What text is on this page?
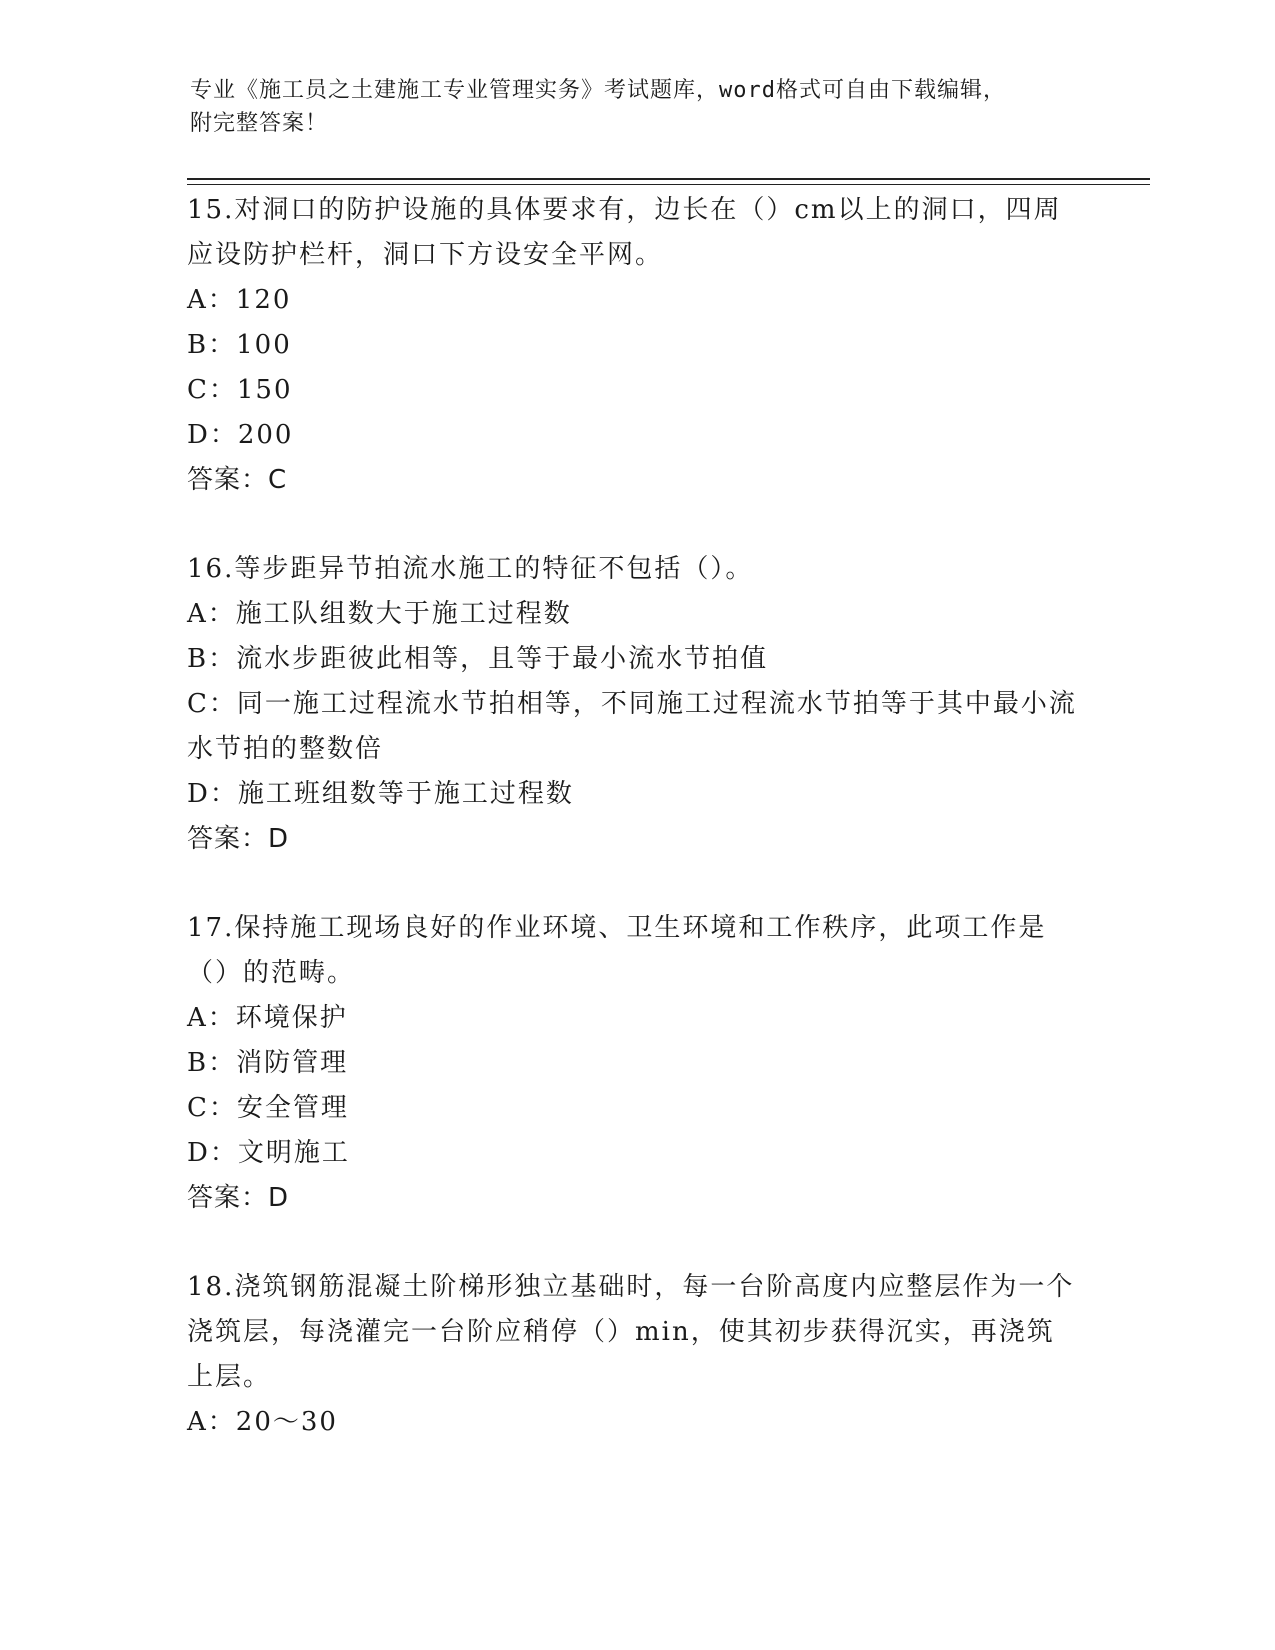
专业《施工员之土建施工专业管理实务》考试题库，word格式可自由下载编辑，
附完整答案！
15.对洞口的防护设施的具体要求有，边长在（）cm以上的洞口，四周应设防护栏杆，洞口下方设安全平网。
A：120
B：100
C：150
D：200
答案：C
16.等步距异节拍流水施工的特征不包括（）。
A：施工队组数大于施工过程数
B：流水步距彼此相等，且等于最小流水节拍值
C：同一施工过程流水节拍相等，不同施工过程流水节拍等于其中最小流水节拍的整数倍
D：施工班组数等于施工过程数
答案：D
17.保持施工现场良好的作业环境、卫生环境和工作秩序，此项工作是（）的范畴。
A：环境保护
B：消防管理
C：安全管理
D：文明施工
答案：D
18.浇筑钢筋混凝土阶梯形独立基础时，每一台阶高度内应整层作为一个浇筑层，每浇灌完一台阶应稍停（）min，使其初步获得沉实，再浇筑上层。
A：20～30
